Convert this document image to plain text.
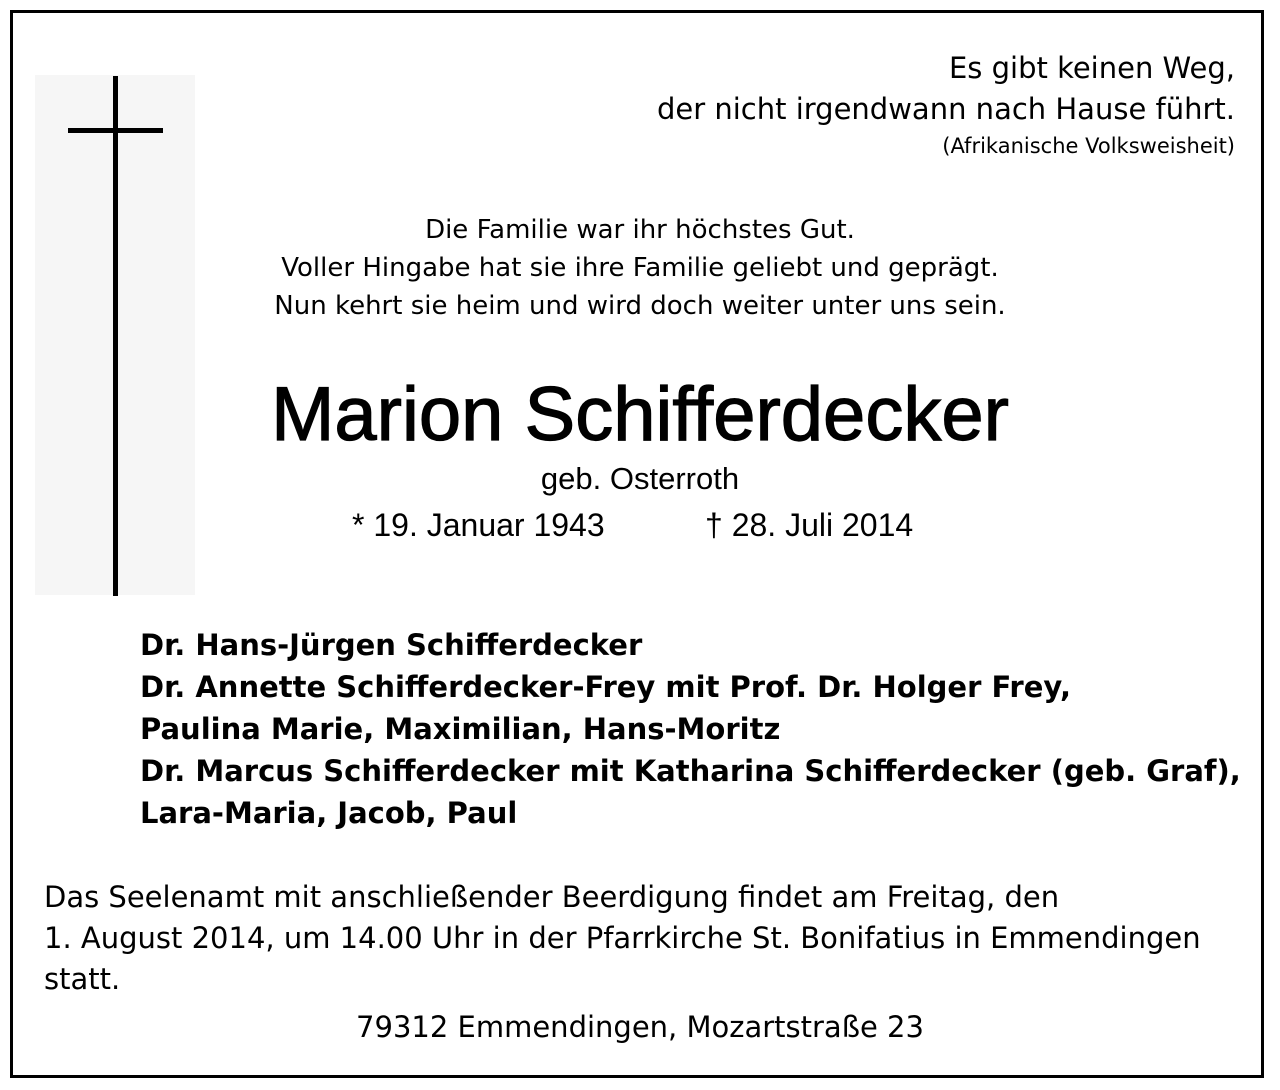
Es gibt keinen Weg,
der nicht irgendwann nach Hause führt.
(Afrikanische Volksweisheit)
Die Familie war ihr höchstes Gut.
Voller Hingabe hat sie ihre Familie geliebt und geprägt.
Nun kehrt sie heim und wird doch weiter unter uns sein.
Marion Schifferdecker
geb. Osterroth
* 19. Januar 1943	† 28. Juli 2014
Dr. Hans-Jürgen Schifferdecker
Dr. Annette Schifferdecker-Frey mit Prof. Dr. Holger Frey,
Paulina Marie, Maximilian, Hans-Moritz
Dr. Marcus Schifferdecker mit Katharina Schifferdecker (geb. Graf),
Lara-Maria, Jacob, Paul
Das Seelenamt mit anschließender Beerdigung findet am Freitag, den
1. August 2014, um 14.00 Uhr in der Pfarrkirche St. Bonifatius in Emmendingen
statt.
79312 Emmendingen, Mozartstraße 23
